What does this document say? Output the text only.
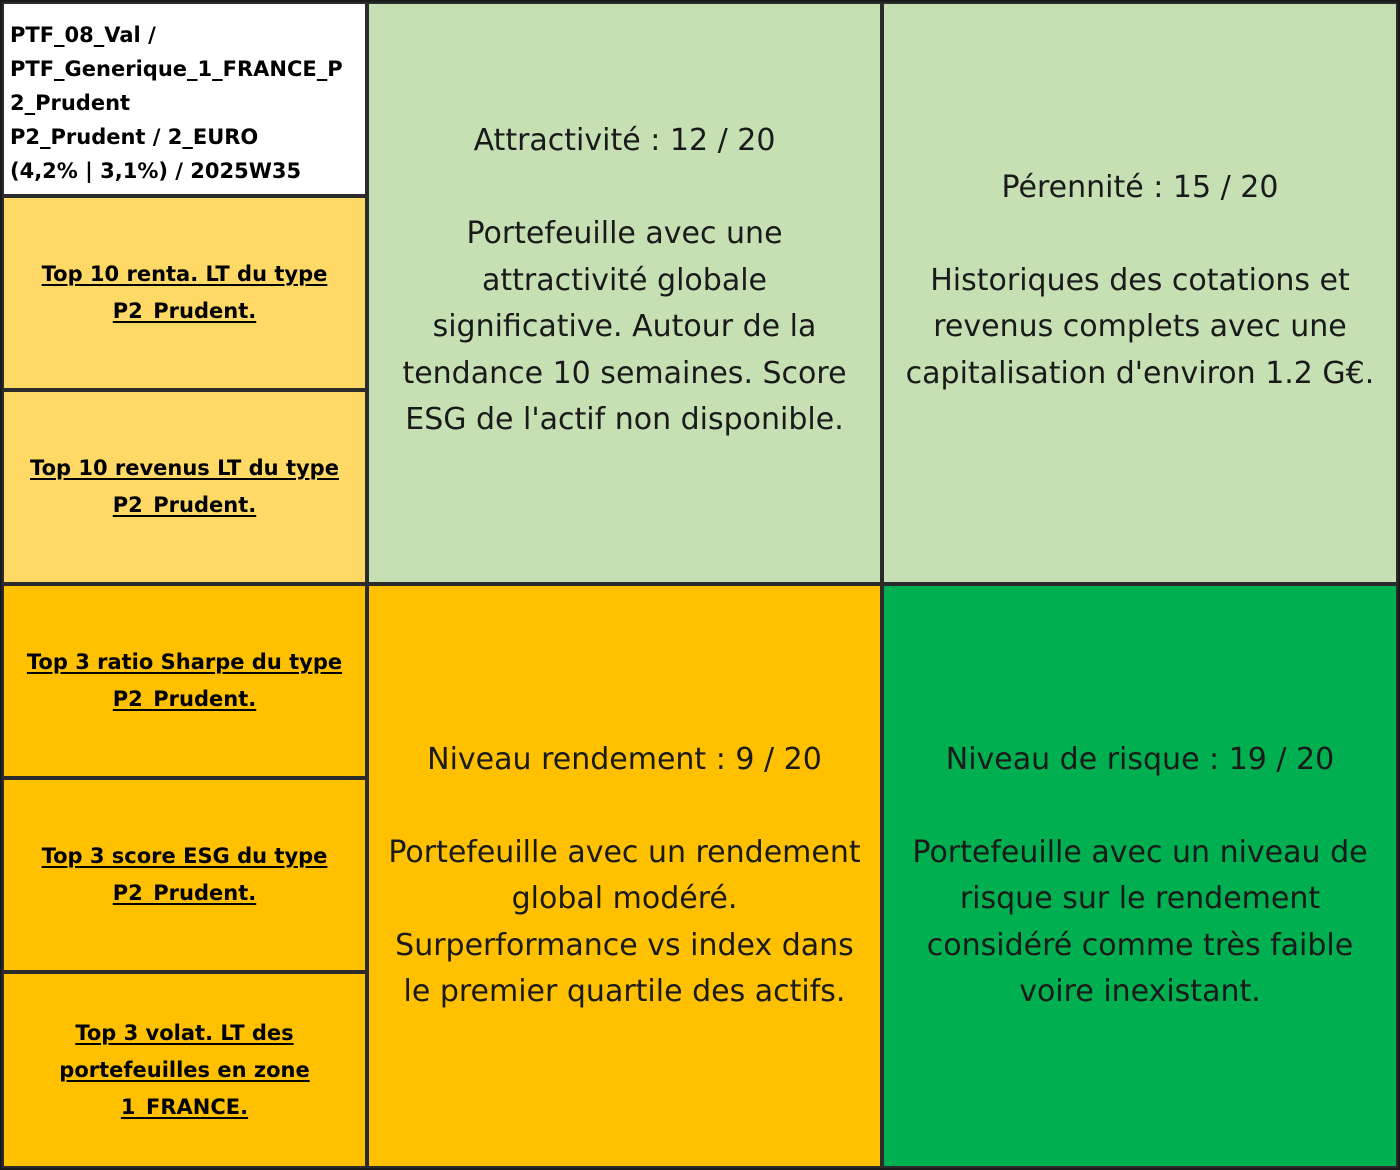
PTF_08_Val /
PTF_Generique_1_FRANCE_P
2_Prudent
P2_Prudent / 2_EURO
(4,2% | 3,1%) / 2025W35
Top 10 renta. LT du type
P2_Prudent.
Top 10 revenus LT du type
P2_Prudent.
Top 3 ratio Sharpe du type
P2_Prudent.
Top 3 score ESG du type
P2_Prudent.
Top 3 volat. LT des
portefeuilles en zone
1_FRANCE.
Attractivité : 12 / 20
Portefeuille avec une
attractivité globale
significative. Autour de la
tendance 10 semaines. Score
ESG de l'actif non disponible.
Pérennité : 15 / 20
Historiques des cotations et
revenus complets avec une
capitalisation d'environ 1.2 G€.
Niveau rendement : 9 / 20
Portefeuille avec un rendement
global modéré.
Surperformance vs index dans
le premier quartile des actifs.
Niveau de risque : 19 / 20
Portefeuille avec un niveau de
risque sur le rendement
considéré comme très faible
voire inexistant.
